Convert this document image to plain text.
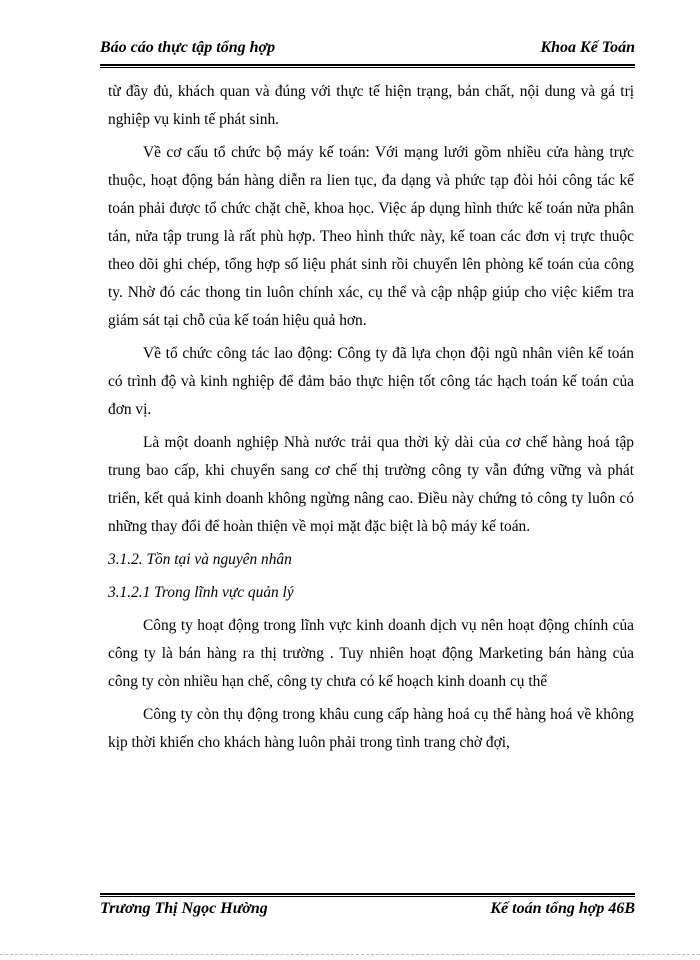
Báo cáo thực tập tổng hợp	Khoa Kế Toán

từ đầy đủ, khách quan và đúng với thực tế hiện trạng, bản chất, nội dung và gá trị nghiệp vụ kinh tế phát sinh.

Về cơ cấu tổ chức bộ máy kế toán: Với mạng lưới gồm nhiều cửa hàng trực thuộc, hoạt động bán hàng diễn ra lien tục, đa dạng và phức tạp đòi hỏi công tác kế toán phải được tổ chức chặt chẽ, khoa học. Việc áp dụng hình thức kế toán nửa phân tán, nửa tập trung là rất phù hợp. Theo hình thức này, kế toan các đơn vị trực thuộc theo dõi ghi chép, tổng hợp số liệu phát sinh rồi chuyển lên phòng kế toán của công ty. Nhờ đó các thong tin luôn chính xác, cụ thể và cập nhập giúp cho việc kiểm tra giám sát tại chỗ của kế toán hiệu quả hơn.

Về tổ chức công tác lao động: Công ty đã lựa chọn đội ngũ nhân viên kế toán có trình độ và kinh nghiệp để đảm bảo thực hiện tốt công tác hạch toán kế toán của đơn vị.

Là một doanh nghiệp Nhà nước trải qua thời kỳ dài của cơ chế hàng hoá tập trung bao cấp, khi chuyển sang cơ chế thị trường công ty vẫn đứng vững và phát triển, kết quả kinh doanh không ngừng nâng cao. Điều này chứng tỏ công ty luôn có những thay đổi để hoàn thiện về mọi mặt đặc biệt là bộ máy kế toán.

3.1.2. Tồn tại và nguyên nhân

3.1.2.1 Trong lĩnh vực quản lý

Công ty hoạt động trong lĩnh vực kinh doanh dịch vụ nên hoạt động chính của công ty là bán hàng ra thị trường . Tuy nhiên hoạt động Marketing bán hàng của công ty còn nhiều hạn chế, công ty chưa có kế hoạch kinh doanh cụ thể

Công ty còn thụ động trong khâu cung cấp hàng hoá cụ thể hàng hoá về không kịp thời khiến cho khách hàng luôn phải trong tình trang chờ đợi,

Trương Thị Ngọc Hường	Kế toán tổng hợp 46B
